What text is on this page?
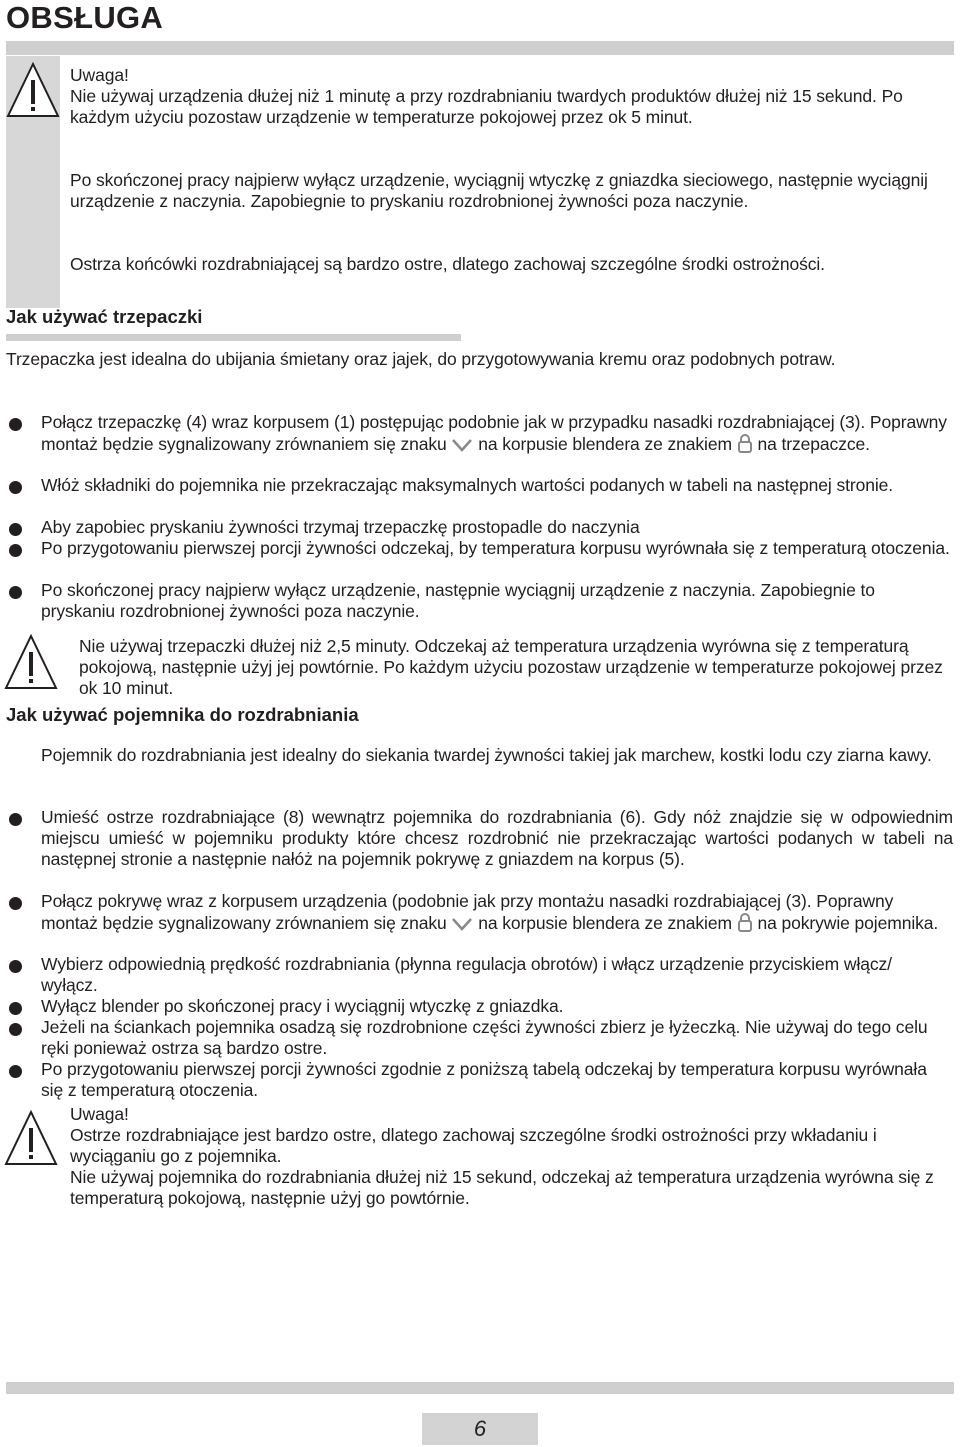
OBSŁUGA
Uwaga!
Nie używaj urządzenia dłużej niż 1 minutę a przy rozdrabnianiu twardych produktów dłużej niż 15 sekund. Po każdym użyciu pozostaw urządzenie w temperaturze pokojowej przez ok 5 minut.
Po skończonej pracy najpierw wyłącz urządzenie, wyciągnij wtyczkę z gniazdka sieciowego, następnie wyciągnij urządzenie z naczynia. Zapobiegnie to pryskaniu rozdrobnionej żywności poza naczynie.
Ostrza końcówki rozdrabniającej są bardzo ostre, dlatego zachowaj szczególne środki ostrożności.
Jak używać trzepaczki
Trzepaczka jest idealna do ubijania śmietany oraz jajek, do przygotowywania kremu oraz podobnych potraw.
Połącz trzepaczkę (4) wraz korpusem (1) postępując podobnie jak w przypadku nasadki rozdrabniającej (3). Poprawny montaż będzie sygnalizowany zrównaniem się znaku na korpusie blendera ze znakiem na trzepaczce.
Włóż składniki do pojemnika nie przekraczając maksymalnych wartości podanych w tabeli na następnej stronie.
Aby zapobiec pryskaniu żywności trzymaj trzepaczkę prostopadle do naczynia
Po przygotowaniu pierwszej porcji żywności odczekaj, by temperatura korpusu wyrównała się z temperaturą otoczenia.
Po skończonej pracy najpierw wyłącz urządzenie, następnie wyciągnij urządzenie z naczynia. Zapobiegnie to pryskaniu rozdrobnionej żywności poza naczynie.
Nie używaj trzepaczki dłużej niż 2,5 minuty. Odczekaj aż temperatura urządzenia wyrówna się z temperaturą pokojową, następnie użyj jej powtórnie. Po każdym użyciu pozostaw urządzenie w temperaturze pokojowej przez ok 10 minut.
Jak używać pojemnika do rozdrabniania
Pojemnik do rozdrabniania jest idealny do siekania twardej żywności takiej jak marchew, kostki lodu czy ziarna kawy.
Umieść ostrze rozdrabniające (8) wewnątrz pojemnika do rozdrabniania (6). Gdy nóż znajdzie się w odpowiednim miejscu umieść w pojemniku produkty które chcesz rozdrobnić nie przekraczając wartości podanych w tabeli na następnej stronie a następnie nałóż na pojemnik pokrywę z gniazdem na korpus (5).
Połącz pokrywę wraz z korpusem urządzenia (podobnie jak przy montażu nasadki rozdrabiającej (3). Poprawny montaż będzie sygnalizowany zrównaniem się znaku na korpusie blendera ze znakiem na pokrywie pojemnika.
Wybierz odpowiednią prędkość rozdrabniania (płynna regulacja obrotów) i włącz urządzenie przyciskiem włącz/ wyłącz.
Wyłącz blender po skończonej pracy i wyciągnij wtyczkę z gniazdka.
Jeżeli na ściankach pojemnika osadzą się rozdrobnione części żywności zbierz je łyżeczką. Nie używaj do tego celu ręki ponieważ ostrza są bardzo ostre.
Po przygotowaniu pierwszej porcji żywności zgodnie z poniższą tabelą odczekaj by temperatura korpusu wyrównała się z temperaturą otoczenia.
Uwaga!
Ostrze rozdrabniające jest bardzo ostre, dlatego zachowaj szczególne środki ostrożności przy wkładaniu i wyciąganiu go z pojemnika.
Nie używaj pojemnika do rozdrabniania dłużej niż 15 sekund, odczekaj aż temperatura urządzenia wyrówna się z temperaturą pokojową, następnie użyj go powtórnie.
6
